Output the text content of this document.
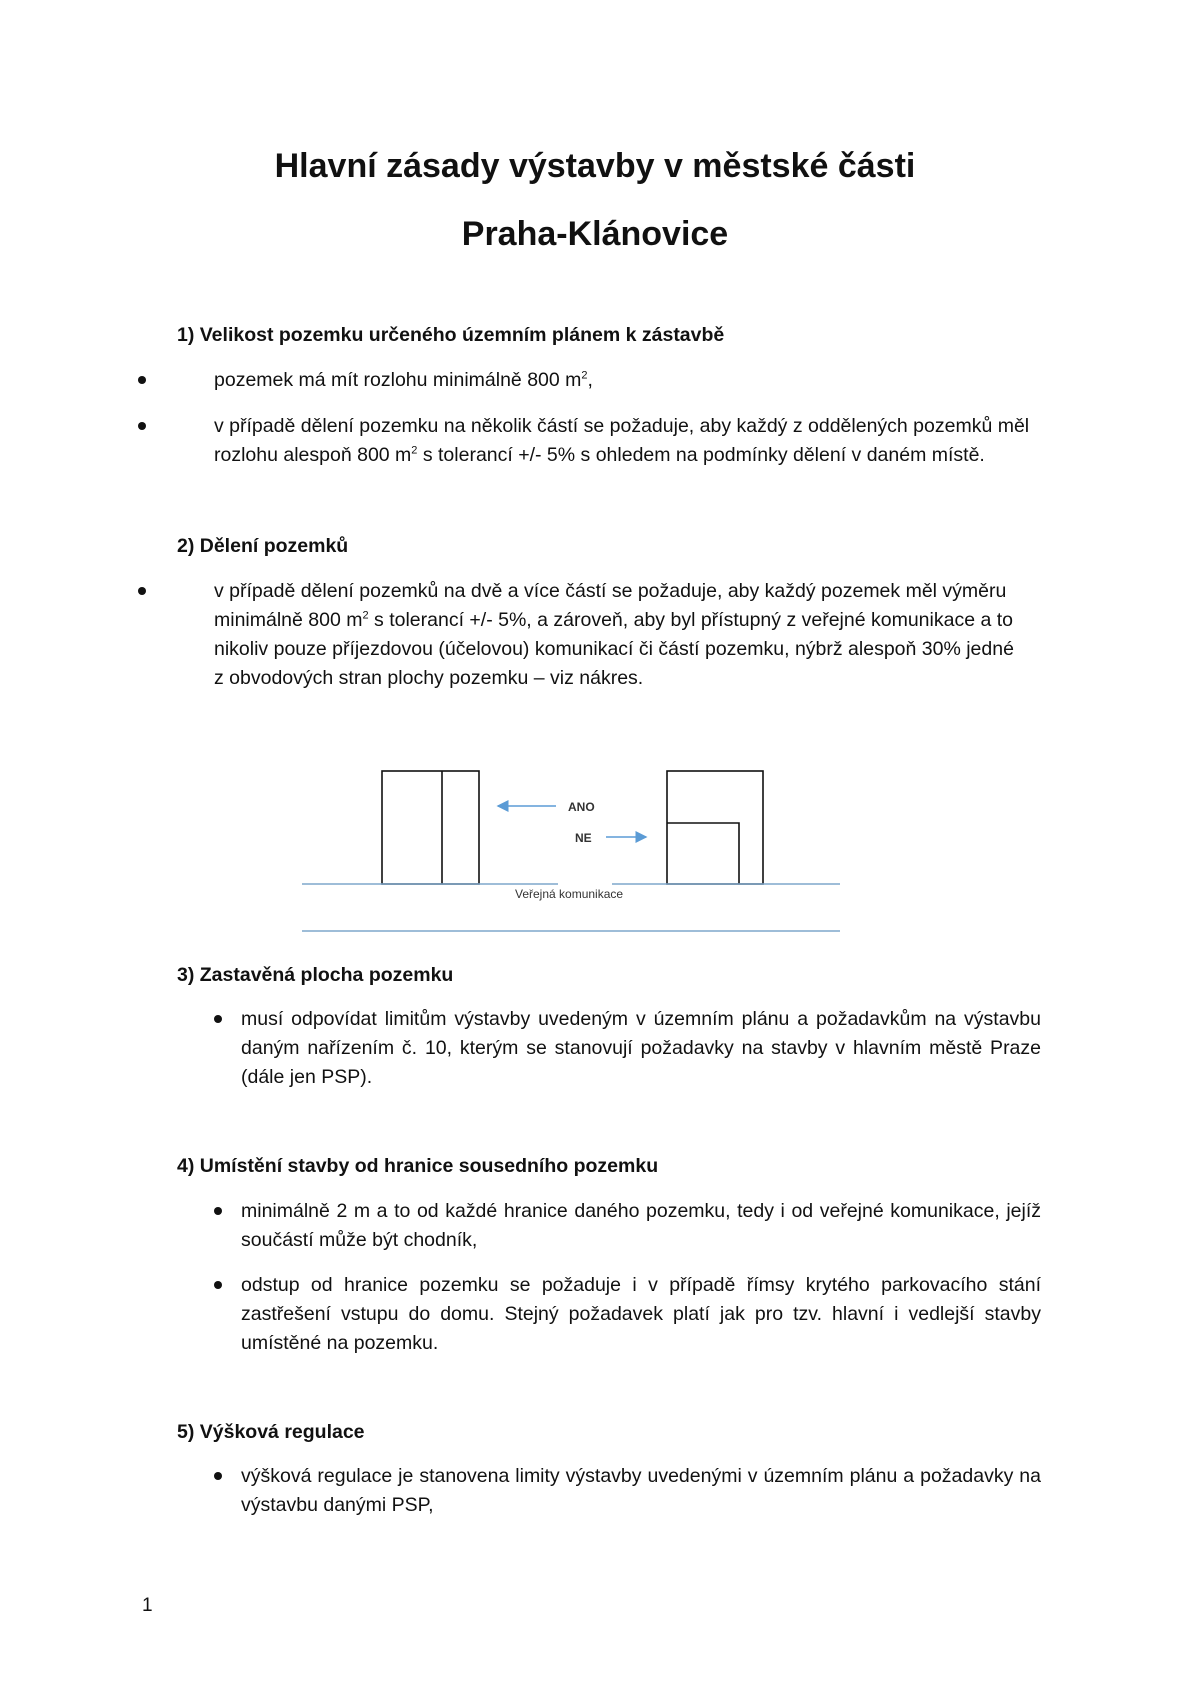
Hlavní zásady výstavby v městské části
Praha-Klánovice
1) Velikost pozemku určeného územním plánem k zástavbě
pozemek má mít rozlohu minimálně 800 $m^2$,
v případě dělení pozemku na několik částí se požaduje, aby každý z oddělených pozemků měl
rozlohu alespoň 800 $m^2$ s tolerancí +/- 5% s ohledem na podmínky dělení v daném místě.
2) Dělení pozemků
v případě dělení pozemků na dvě a více částí se požaduje, aby každý pozemek měl výměru
minimálně 800 $m^2$ s tolerancí +/- 5%, a zároveň, aby byl přístupný z veřejné komunikace a to
nikoliv pouze příjezdovou (účelovou) komunikací či částí pozemku, nýbrž alespoň 30% jedné
z obvodových stran plochy pozemku – viz nákres.
ANO
NE
Veřejná komunikace
3) Zastavěná plocha pozemku
musí odpovídat limitům výstavby uvedeným v územním plánu a požadavkům na výstavbu
daným nařízením č. 10, kterým se stanovují požadavky na stavby v hlavním městě Praze
(dále jen PSP).
4) Umístění stavby od hranice sousedního pozemku
minimálně 2 m a to od každé hranice daného pozemku, tedy i od veřejné komunikace, jejíž
součástí může být chodník,
odstup od hranice pozemku se požaduje i v případě římsy krytého parkovacího stání
zastřešení vstupu do domu. Stejný požadavek platí jak pro tzv. hlavní i vedlejší stavby
umístěné na pozemku.
5) Výšková regulace
výšková regulace je stanovena limity výstavby uvedenými v územním plánu a požadavky na
výstavbu danými PSP,
1
